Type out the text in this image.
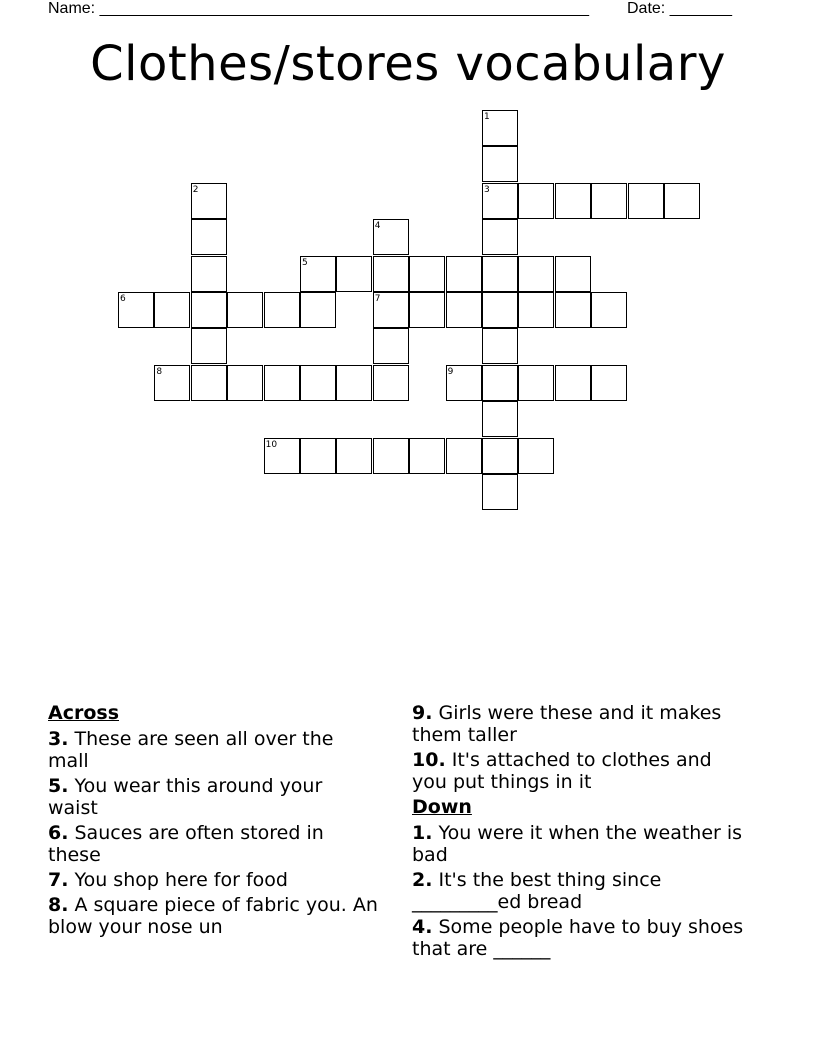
Name: _______________________________________________________ Date: _______
Clothes/stores vocabulary
1
2	3
4
5
6	7
8	9
10
Across
3. These are seen all over the mall
5. You wear this around your waist
6. Sauces are often stored in these
7. You shop here for food
8. A square piece of fabric you. An blow your nose un
9. Girls were these and it makes them taller
10. It's attached to clothes and you put things in it
Down
1. You were it when the weather is bad
2. It's the best thing since _________ed bread
4. Some people have to buy shoes that are ______
